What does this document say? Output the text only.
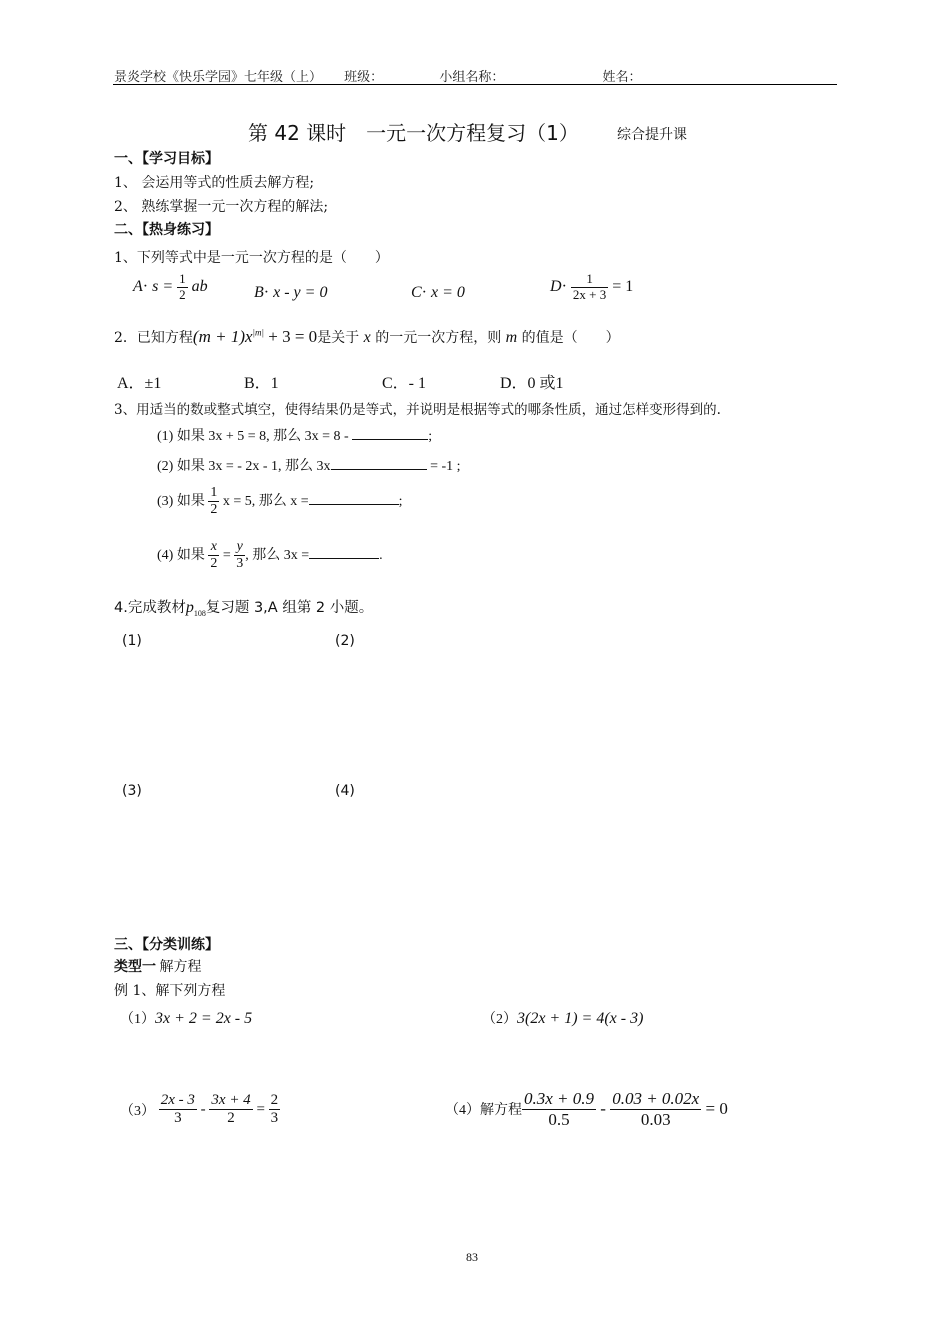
景炎学校《快乐学园》七年级（上） 班级：	小组名称：	姓名：
第 42 课时　一元一次方程复习（1）	综合提升课
一、【学习目标】
1、 会运用等式的性质去解方程;
2、 熟练掌握一元一次方程的解法;
二、【热身练习】
1、下列等式中是一元一次方程的是（　　）
$A\cdot s = \frac{1}{2}$ ab	B· x - y = 0	C· x = 0	$D\cdot \frac{1}{2x + 3} = 1$
2．已知方程$(m + 1)x^{|m|} + 3 = 0$是关于 x 的一元一次方程，则 m 的值是（　　）
A．±1	B．1	C．- 1	D．0 或1
3、用适当的数或整式填空，使得结果仍是等式，并说明是根据等式的哪条性质，通过怎样变形得到的.
(1) 如果 3x + 5 = 8, 那么 3x = 8 -	;
(2) 如果 3x = - 2x - 1, 那么 3x	= -1 ;
(3) 如果 $\frac{1}{2}$ x = 5, 那么 x =	;
(4) 如果 $\frac{x}{2} = \frac{y}{3}$ , 那么 3x =	.
4.完成教材$p_{108}$复习题 3,A 组第 2 小题。
(1)	(2)
(3)	(4)
三、【分类训练】
类型一 解方程
例 1、解下列方程
（1）3x + 2 = 2x - 5	（2）3(2x + 1) = 4(x - 3)
$(3) \frac{2x - 3}{3} - \frac{3x + 4}{2} = \frac{2}{3}$	（4）解方程 $\frac{0.3x + 0.9}{0.5} - \frac{0.03 + 0.02x}{0.03} = 0$
83
